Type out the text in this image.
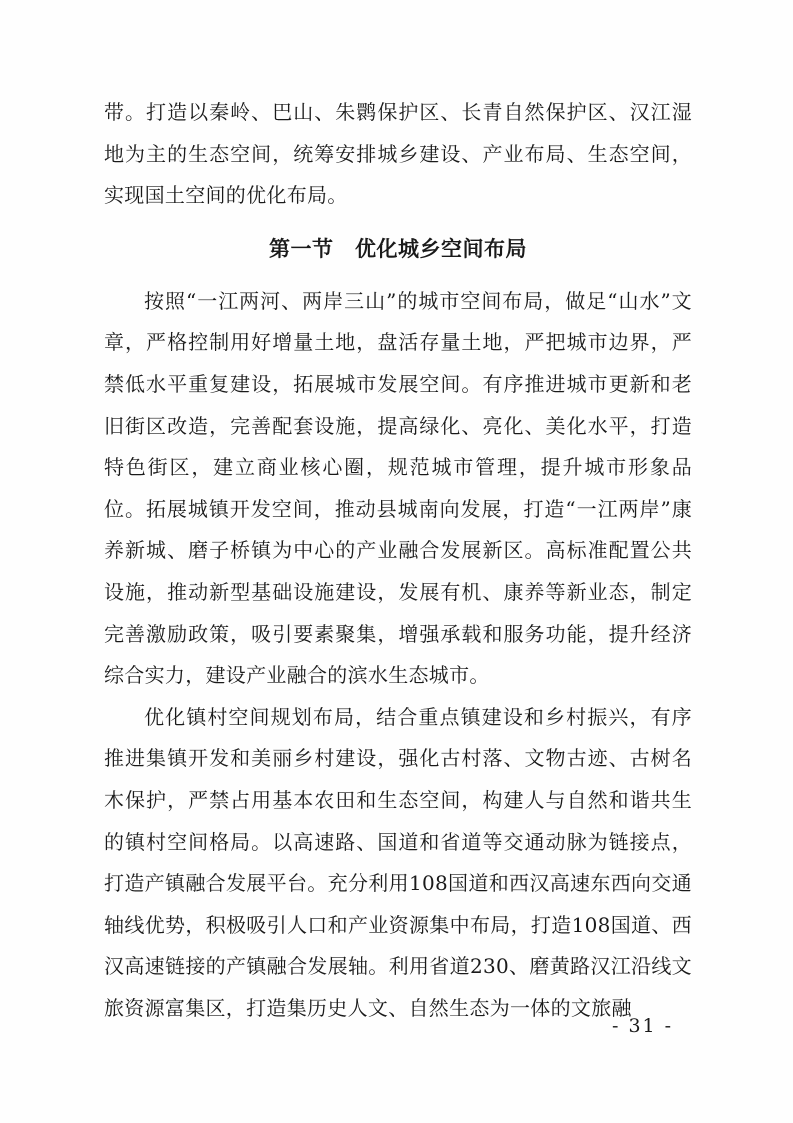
带。打造以秦岭、巴山、朱鹮保护区、长青自然保护区、汉江湿地为主的生态空间，统筹安排城乡建设、产业布局、生态空间，实现国土空间的优化布局。

第一节　优化城乡空间布局

按照“一江两河、两岸三山”的城市空间布局，做足“山水”文章，严格控制用好增量土地，盘活存量土地，严把城市边界，严禁低水平重复建设，拓展城市发展空间。有序推进城市更新和老旧街区改造，完善配套设施，提高绿化、亮化、美化水平，打造特色街区，建立商业核心圈，规范城市管理，提升城市形象品位。拓展城镇开发空间，推动县城南向发展，打造“一江两岸”康养新城、磨子桥镇为中心的产业融合发展新区。高标准配置公共设施，推动新型基础设施建设，发展有机、康养等新业态，制定完善激励政策，吸引要素聚集，增强承载和服务功能，提升经济综合实力，建设产业融合的滨水生态城市。

优化镇村空间规划布局，结合重点镇建设和乡村振兴，有序推进集镇开发和美丽乡村建设，强化古村落、文物古迹、古树名木保护，严禁占用基本农田和生态空间，构建人与自然和谐共生的镇村空间格局。以高速路、国道和省道等交通动脉为链接点，打造产镇融合发展平台。充分利用108国道和西汉高速东西向交通轴线优势，积极吸引人口和产业资源集中布局，打造108国道、西汉高速链接的产镇融合发展轴。利用省道230、磨黄路汉江沿线文旅资源富集区，打造集历史人文、自然生态为一体的文旅融

- 31 -
